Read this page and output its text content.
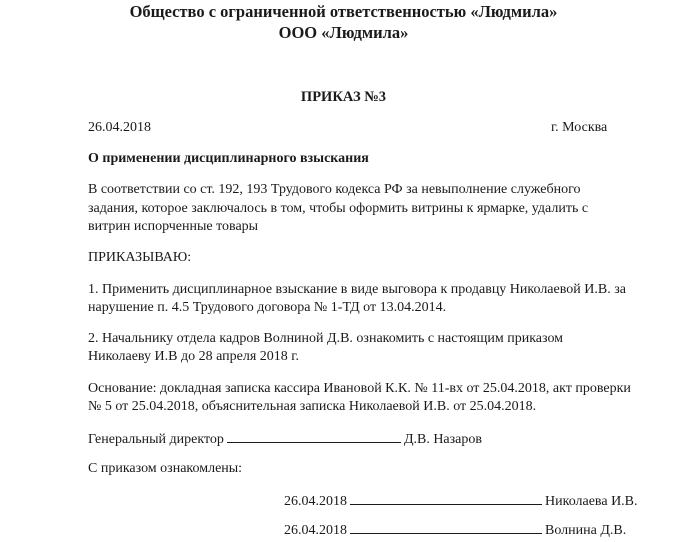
Общество с ограниченной ответственностью «Людмила»
ООО «Людмила»
ПРИКАЗ №3
26.04.2018	г. Москва
О применении дисциплинарного взыскания
В соответствии со ст. 192, 193 Трудового кодекса РФ за невыполнение служебного
задания, которое заключалось в том, чтобы оформить витрины к ярмарке, удалить с
витрин испорченные товары
ПРИКАЗЫВАЮ:
1. Применить дисциплинарное взыскание в виде выговора к продавцу Николаевой И.В. за
нарушение п. 4.5 Трудового договора № 1-ТД от 13.04.2014.
2. Начальнику отдела кадров Волниной Д.В. ознакомить с настоящим приказом
Николаеву И.В до 28 апреля 2018 г.
Основание: докладная записка кассира Ивановой К.К. № 11-вх от 25.04.2018, акт проверки
№ 5 от 25.04.2018, объяснительная записка Николаевой И.В. от 25.04.2018.
Генеральный директор	Д.В. Назаров
С приказом ознакомлены:
26.04.2018	Николаева И.В.
26.04.2018	Волнина Д.В.
